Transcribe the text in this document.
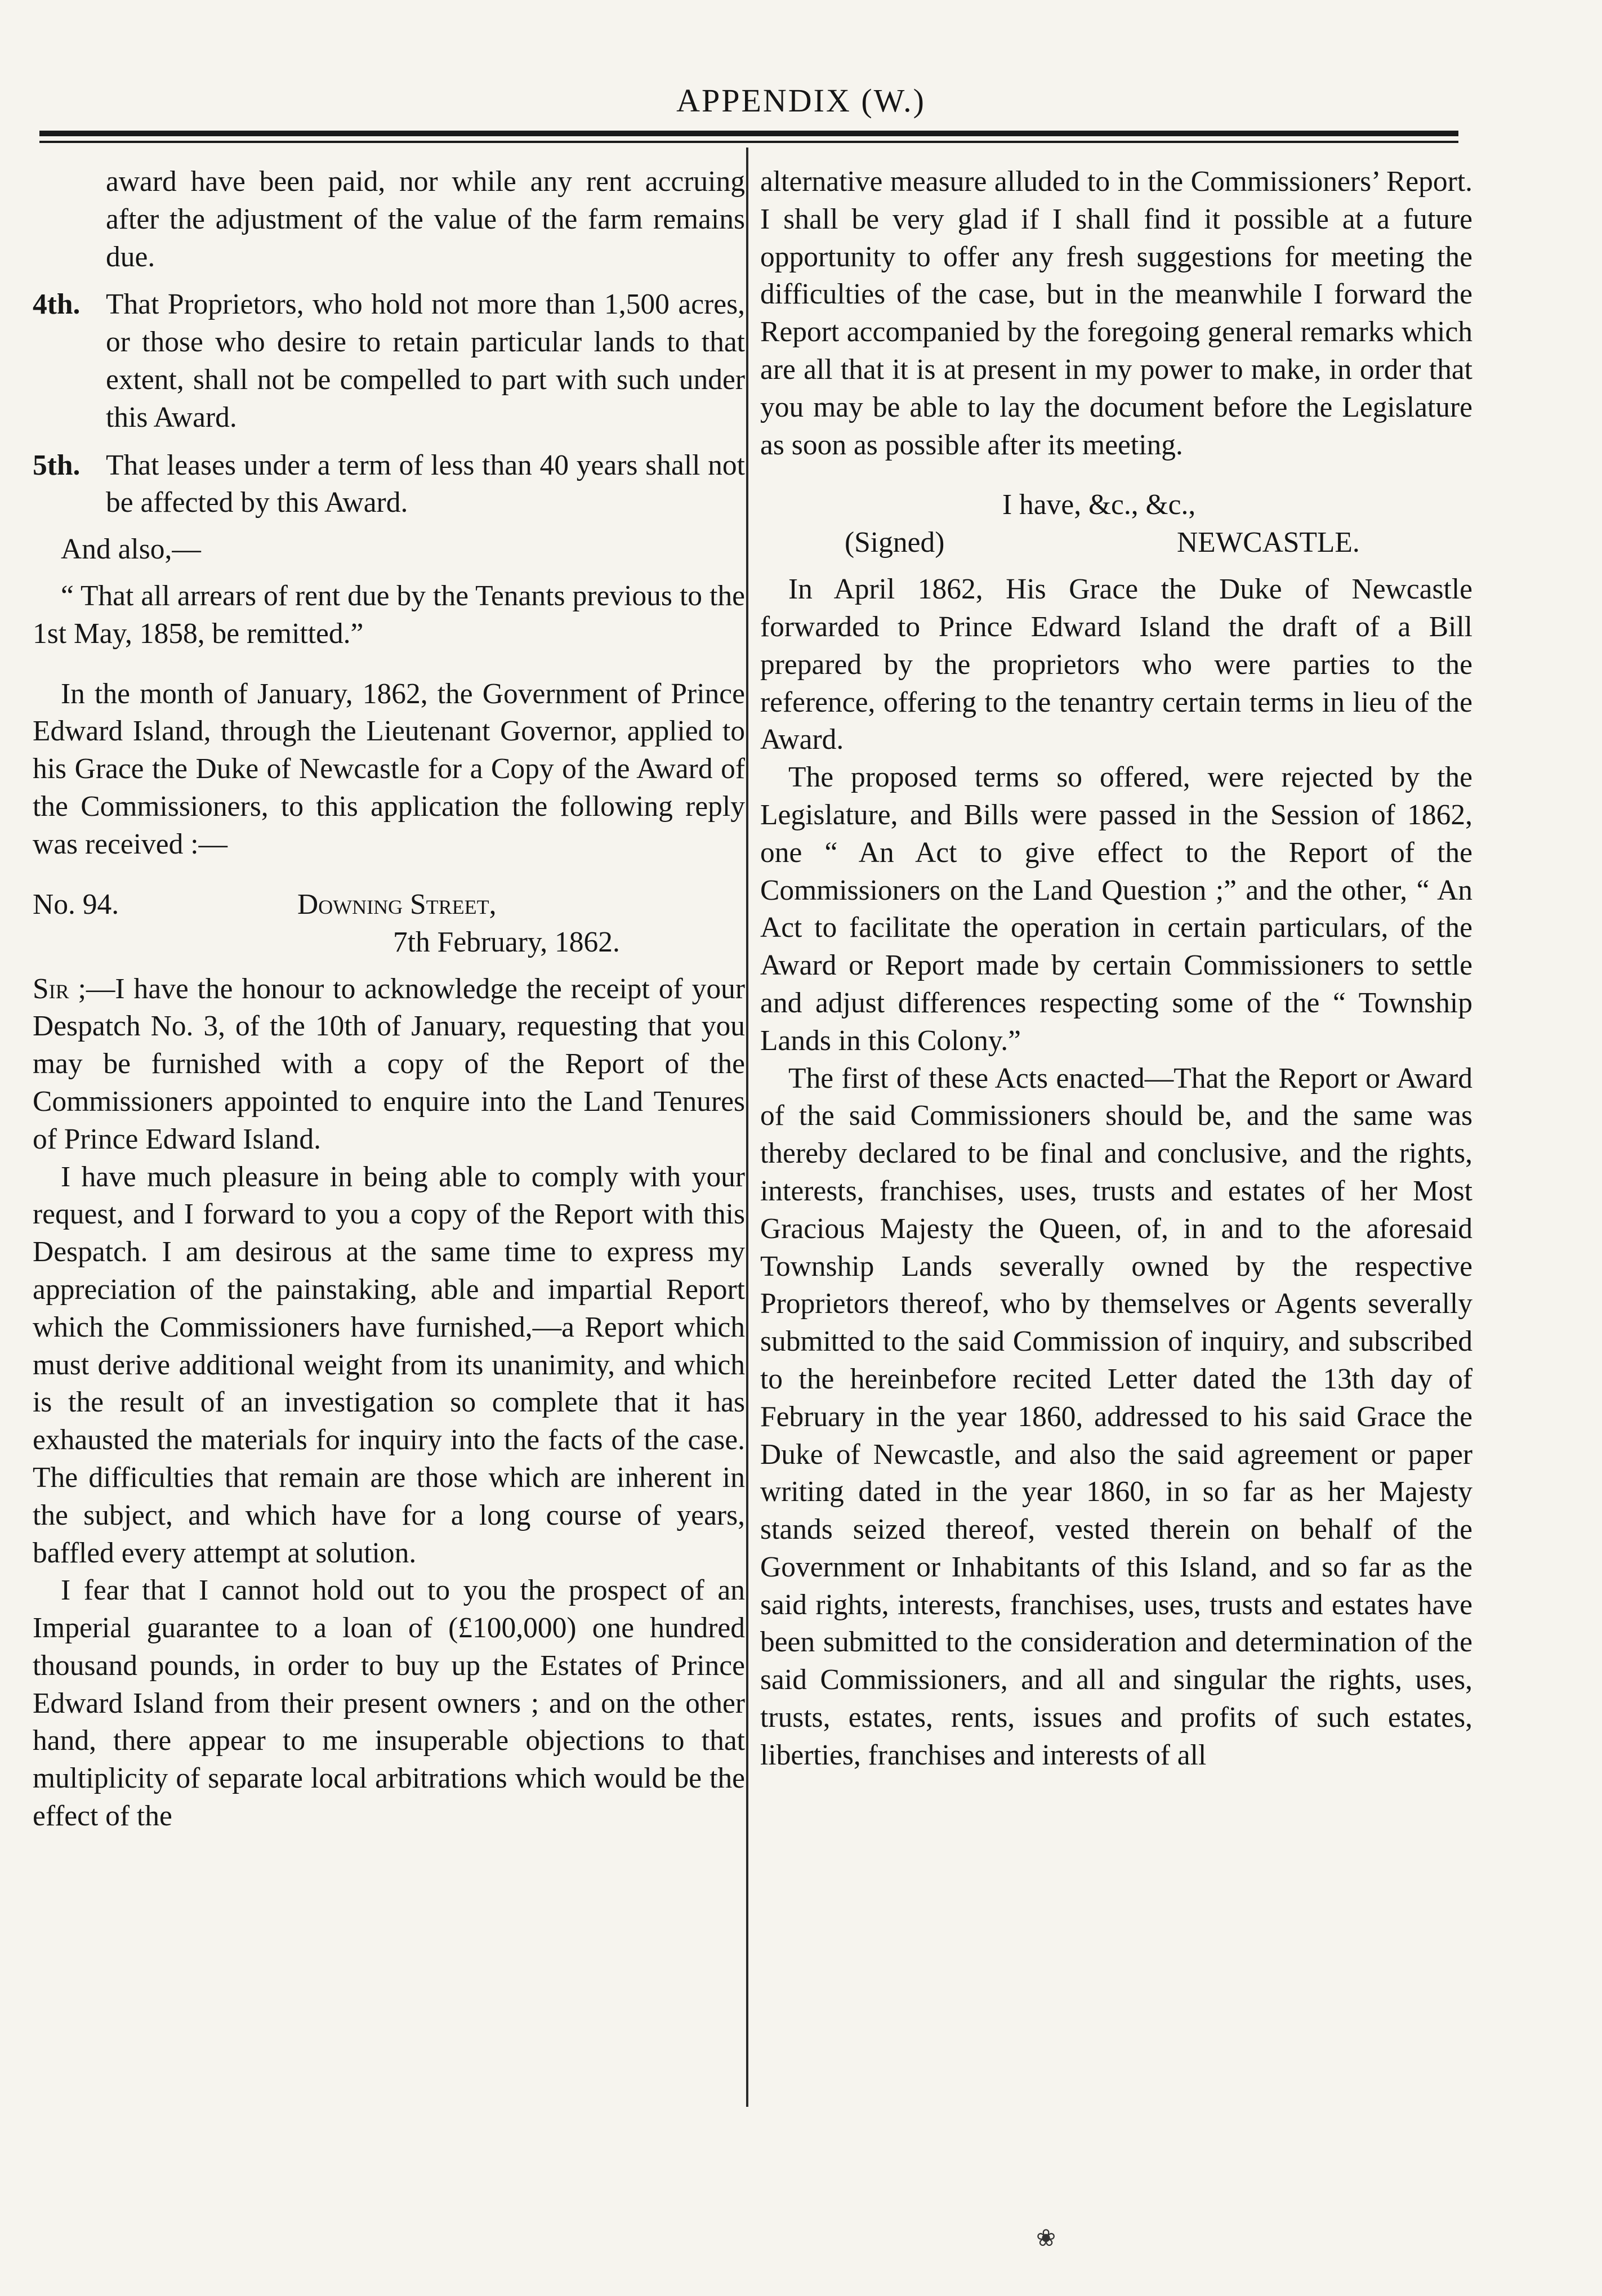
APPENDIX (W.)

award have been paid, nor while any rent accruing after the adjustment of the value of the farm remains due.

4th. That Proprietors, who hold not more than 1,500 acres, or those who desire to retain particular lands to that extent, shall not be compelled to part with such under this Award.
5th. That leases under a term of less than 40 years shall not be affected by this Award.

And also,—

“ That all arrears of rent due by the Tenants previous to the 1st May, 1858, be remitted.”

In the month of January, 1862, the Government of Prince Edward Island, through the Lieutenant Governor, applied to his Grace the Duke of Newcastle for a Copy of the Award of the Commissioners, to this application the following reply was received :—

No. 94.	Downing Street,
7th February, 1862.

Sir ;—I have the honour to acknowledge the receipt of your Despatch No. 3, of the 10th of January, requesting that you may be furnished with a copy of the Report of the Commissioners appointed to enquire into the Land Tenures of Prince Edward Island.

I have much pleasure in being able to comply with your request, and I forward to you a copy of the Report with this Despatch. I am desirous at the same time to express my appreciation of the painstaking, able and impartial Report which the Commissioners have furnished,—a Report which must derive additional weight from its unanimity, and which is the result of an investigation so complete that it has exhausted the materials for inquiry into the facts of the case. The difficulties that remain are those which are inherent in the subject, and which have for a long course of years, baffled every attempt at solution.

I fear that I cannot hold out to you the prospect of an Imperial guarantee to a loan of (£100,000) one hundred thousand pounds, in order to buy up the Estates of Prince Edward Island from their present owners ; and on the other hand, there appear to me insuperable objections to that multiplicity of separate local arbitrations which would be the effect of the

alternative measure alluded to in the Commissioners’ Report. I shall be very glad if I shall find it possible at a future opportunity to offer any fresh suggestions for meeting the difficulties of the case, but in the meanwhile I forward the Report accompanied by the foregoing general remarks which are all that it is at present in my power to make, in order that you may be able to lay the document before the Legislature as soon as possible after its meeting.

I have, &c., &c.,

(Signed)	NEWCASTLE.

In April 1862, His Grace the Duke of Newcastle forwarded to Prince Edward Island the draft of a Bill prepared by the proprietors who were parties to the reference, offering to the tenantry certain terms in lieu of the Award.

The proposed terms so offered, were rejected by the Legislature, and Bills were passed in the Session of 1862, one “ An Act to give effect to the Report of the Commissioners on the Land Question ;” and the other, “ An Act to facilitate the operation in certain particulars, of the Award or Report made by certain Commissioners to settle and adjust differences respecting some of the “ Township Lands in this Colony.”

The first of these Acts enacted—That the Report or Award of the said Commissioners should be, and the same was thereby declared to be final and conclusive, and the rights, interests, franchises, uses, trusts and estates of her Most Gracious Majesty the Queen, of, in and to the aforesaid Township Lands severally owned by the respective Proprietors thereof, who by themselves or Agents severally submitted to the said Commission of inquiry, and subscribed to the hereinbefore recited Letter dated the 13th day of February in the year 1860, addressed to his said Grace the Duke of Newcastle, and also the said agreement or paper writing dated in the year 1860, in so far as her Majesty stands seized thereof, vested therein on behalf of the Government or Inhabitants of this Island, and so far as the said rights, interests, franchises, uses, trusts and estates have been submitted to the consideration and determination of the said Commissioners, and all and singular the rights, uses, trusts, estates, rents, issues and profits of such estates, liberties, franchises and interests of all

❀
